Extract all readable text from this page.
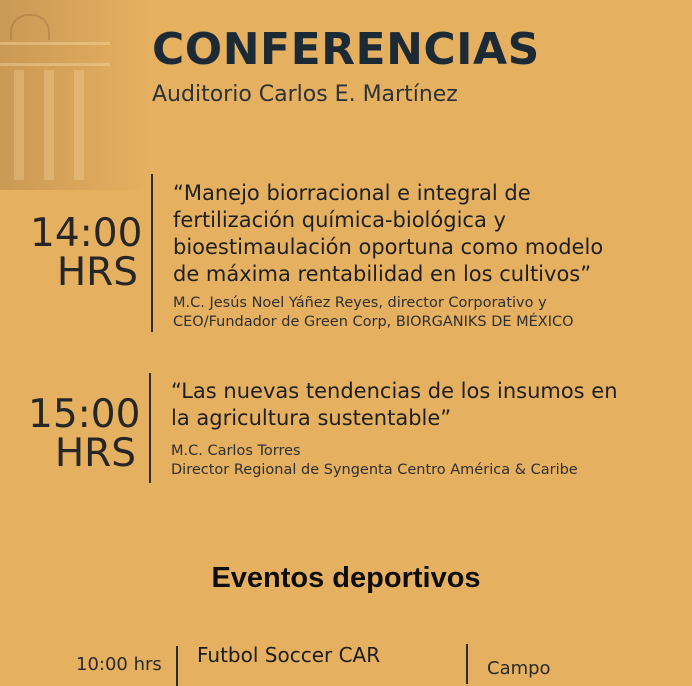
CONFERENCIAS
Auditorio Carlos E. Martínez
14:00
HRS

“Manejo biorracional e integral de
fertilización química-biológica y
bioestimaulación oportuna como modelo
de máxima rentabilidad en los cultivos”

M.C. Jesús Noel Yáñez Reyes, director Corporativo y
CEO/Fundador de Green Corp, BIORGANIKS DE MÉXICO

15:00
HRS

“Las nuevas tendencias de los insumos en
la agricultura sustentable”

M.C. Carlos Torres
Director Regional de Syngenta Centro América & Caribe

Eventos deportivos
10:00 hrs Futbol Soccer CAR
Campo
